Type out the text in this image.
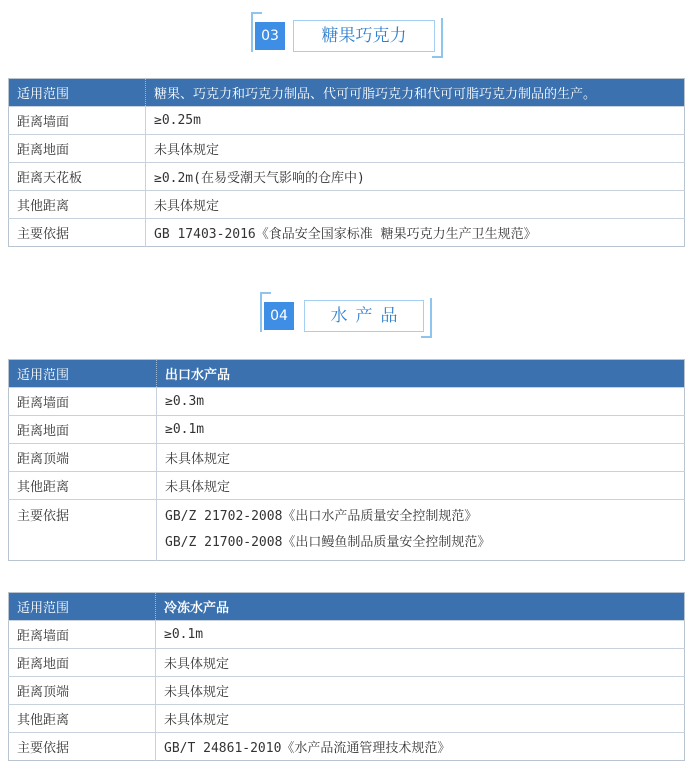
03	糖果巧克力
适用范围	糖果、巧克力和巧克力制品、代可可脂巧克力和代可可脂巧克力制品的生产。
距离墙面	≥0.25m
距离地面	未具体规定
距离天花板	≥0.2m(在易受潮天气影响的仓库中)
其他距离	未具体规定
主要依据	GB 17403-2016《食品安全国家标准 糖果巧克力生产卫生规范》
04	水产品
适用范围	出口水产品
距离墙面	≥0.3m
距离地面	≥0.1m
距离顶端	未具体规定
其他距离	未具体规定

主要依据	GB/Z 21702-2008《出口水产品质量安全控制规范》
GB/Z 21700-2008《出口鳗鱼制品质量安全控制规范》
适用范围	冷冻水产品
距离墙面	≥0.1m
距离地面	未具体规定
距离顶端	未具体规定
其他距离	未具体规定
主要依据	GB/T 24861-2010《水产品流通管理技术规范》
